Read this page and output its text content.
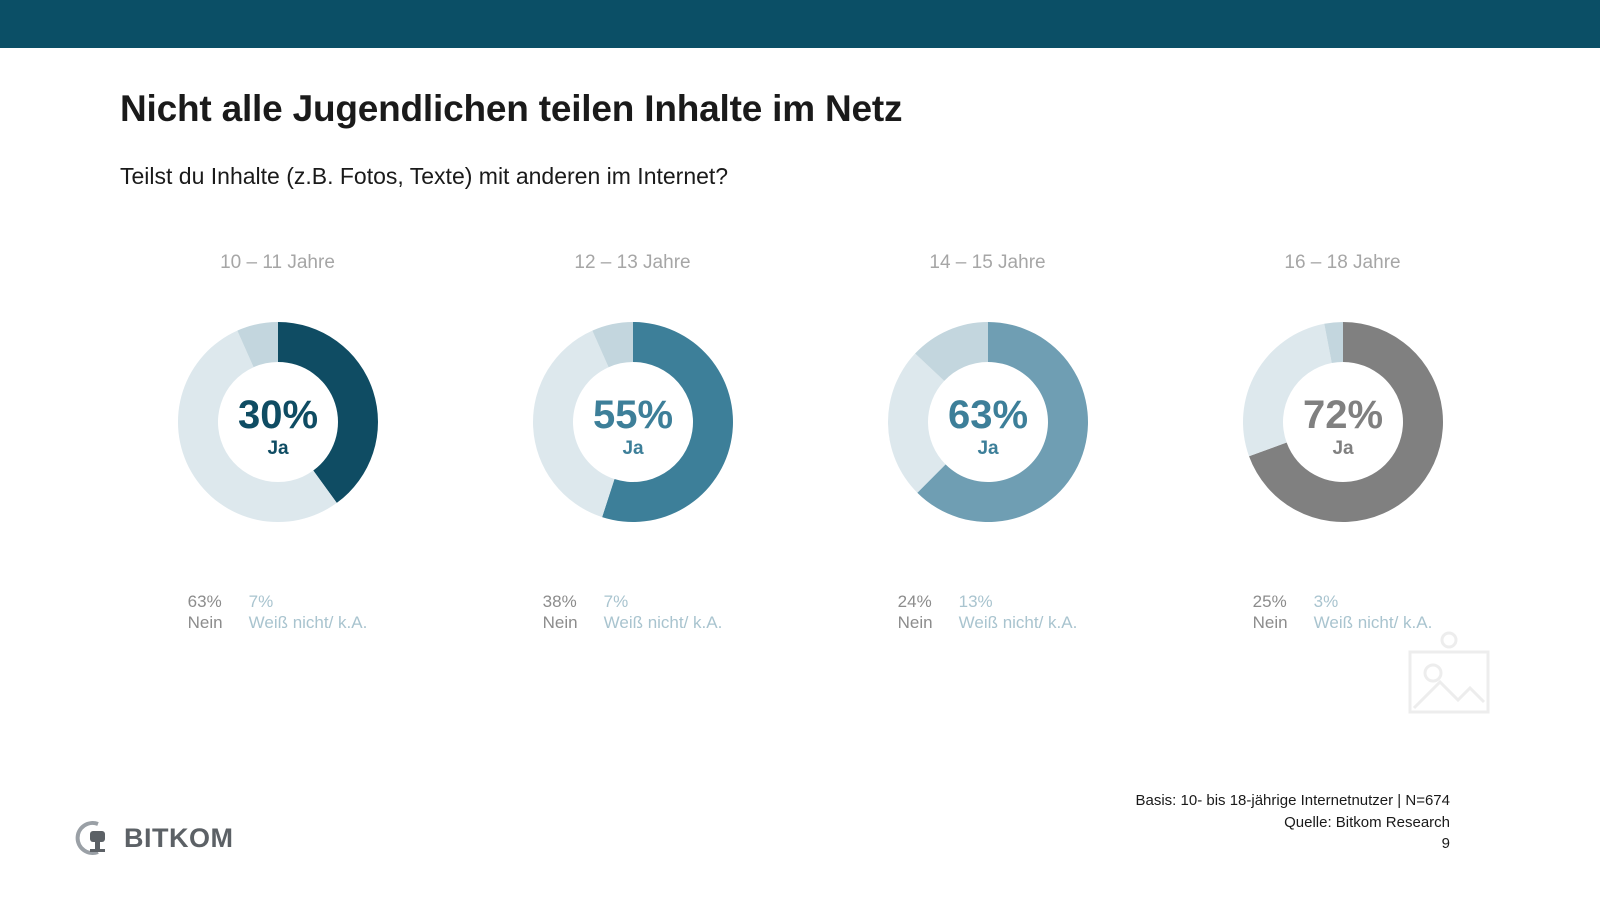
Nicht alle Jugendlichen teilen Inhalte im Netz
Teilst du Inhalte (z.B. Fotos, Texte) mit anderen im Internet?
10 – 11 Jahre
30%
Ja
63%
Nein
7%
Weiß nicht/ k.A.
12 – 13 Jahre
55%
Ja
38%
Nein
7%
Weiß nicht/ k.A.
14 – 15 Jahre
63%
Ja
24%
Nein
13%
Weiß nicht/ k.A.
16 – 18 Jahre
72%
Ja
25%
Nein
3%
Weiß nicht/ k.A.
Basis: 10- bis 18-jährige Internetnutzer | N=674
Quelle: Bitkom Research
9
BITKOM
